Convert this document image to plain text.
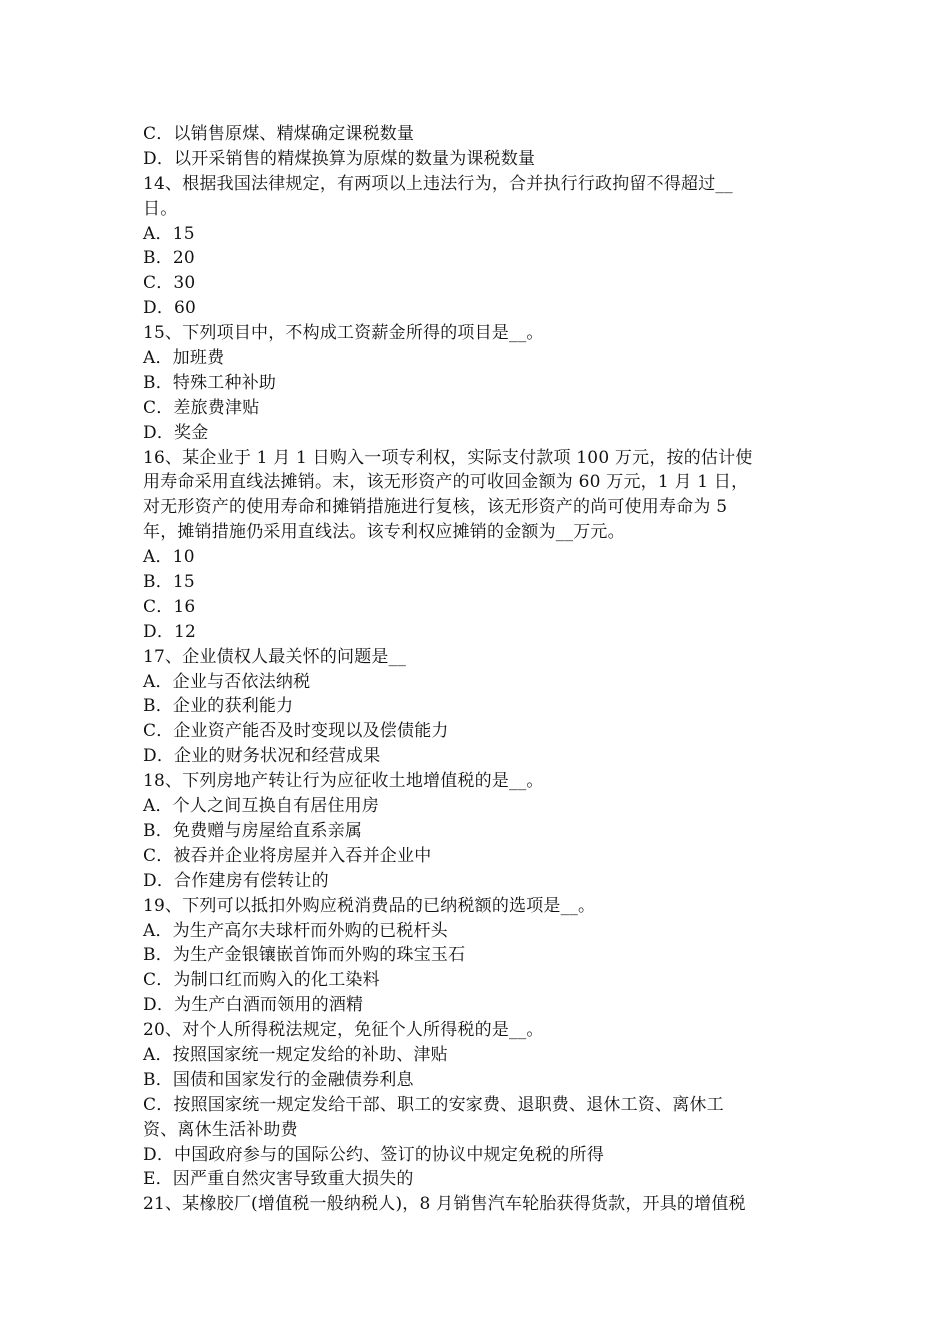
C．以销售原煤、精煤确定课税数量
D．以开采销售的精煤换算为原煤的数量为课税数量
14、根据我国法律规定，有两项以上违法行为，合并执行行政拘留不得超过__
日。
A．15
B．20
C．30
D．60
15、下列项目中，不构成工资薪金所得的项目是__。
A．加班费
B．特殊工种补助
C．差旅费津贴
D．奖金
16、某企业于 1 月 1 日购入一项专利权，实际支付款项 100 万元，按的估计使
用寿命采用直线法摊销。末，该无形资产的可收回金额为 60 万元，1 月 1 日，
对无形资产的使用寿命和摊销措施进行复核，该无形资产的尚可使用寿命为 5
年，摊销措施仍采用直线法。该专利权应摊销的金额为__万元。
A．10
B．15
C．16
D．12
17、企业债权人最关怀的问题是__
A．企业与否依法纳税
B．企业的获利能力
C．企业资产能否及时变现以及偿债能力
D．企业的财务状况和经营成果
18、下列房地产转让行为应征收土地增值税的是__。
A．个人之间互换自有居住用房
B．免费赠与房屋给直系亲属
C．被吞并企业将房屋并入吞并企业中
D．合作建房有偿转让的
19、下列可以抵扣外购应税消费品的已纳税额的选项是__。
A．为生产高尔夫球杆而外购的已税杆头
B．为生产金银镶嵌首饰而外购的珠宝玉石
C．为制口红而购入的化工染料
D．为生产白酒而领用的酒精
20、对个人所得税法规定，免征个人所得税的是__。
A．按照国家统一规定发给的补助、津贴
B．国债和国家发行的金融债券利息
C．按照国家统一规定发给干部、职工的安家费、退职费、退休工资、离休工
资、离休生活补助费
D．中国政府参与的国际公约、签订的协议中规定免税的所得
E．因严重自然灾害导致重大损失的
21、某橡胶厂(增值税一般纳税人)，8 月销售汽车轮胎获得货款，开具的增值税
